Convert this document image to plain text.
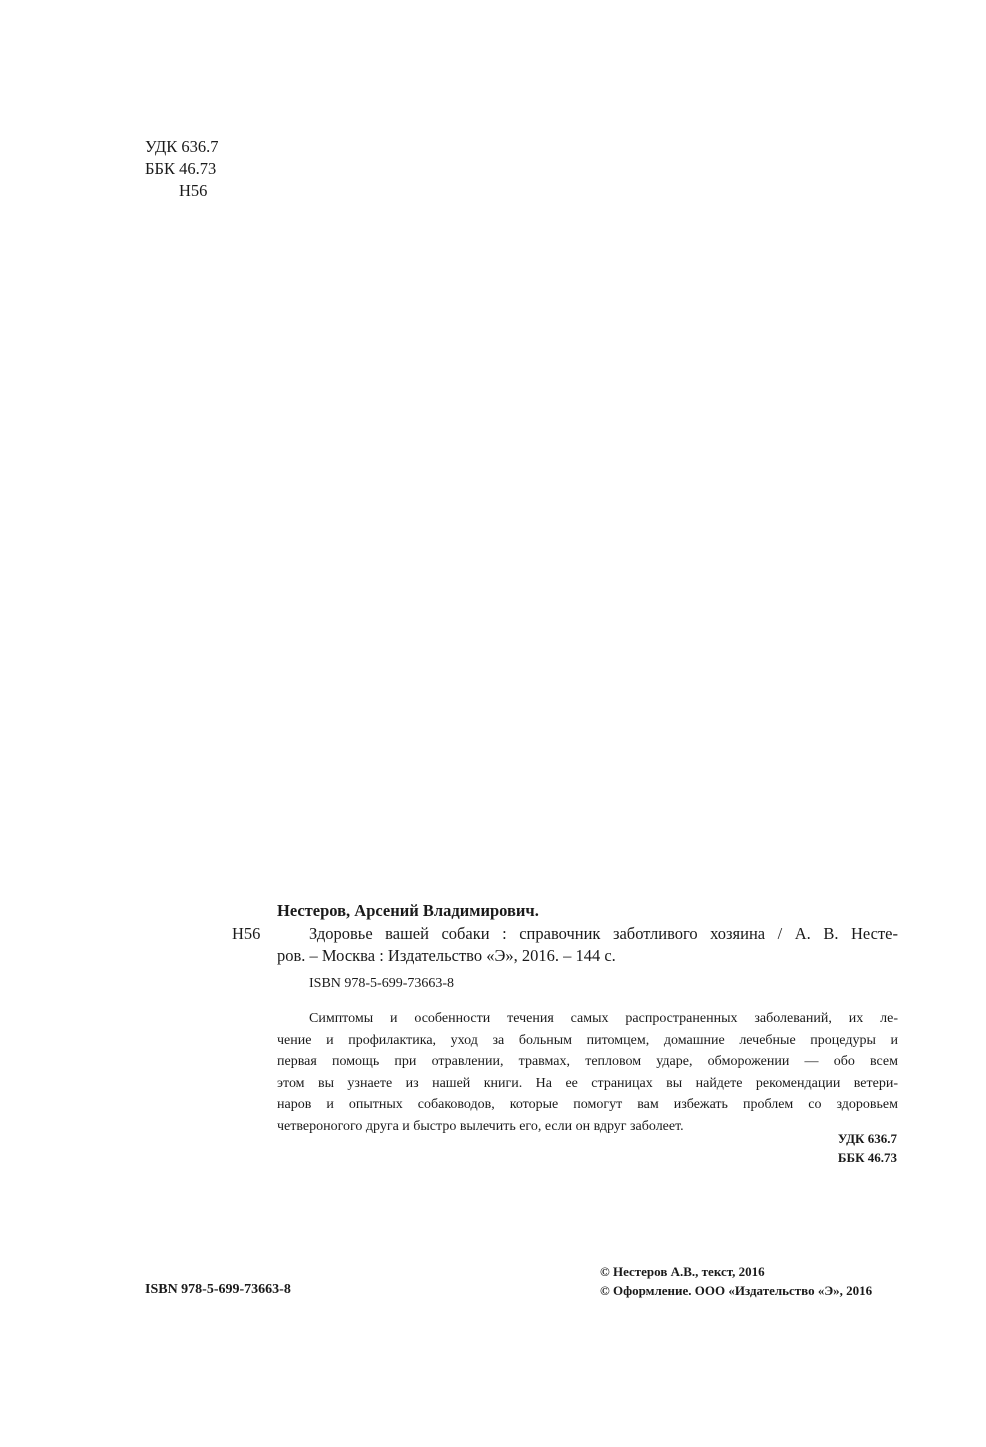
УДК 636.7
ББК 46.73
Н56
Нестеров, Арсений Владимирович.
Н56	Здоровье вашей собаки : справочник заботливого хозяина / А. В. Несте-
ров. – Москва : Издательство «Э», 2016. – 144 с.
ISBN 978-5-699-73663-8
Симптомы и особенности течения самых распространенных заболеваний, их ле-
чение и профилактика, уход за больным питомцем, домашние лечебные процедуры и
первая помощь при отравлении, травмах, тепловом ударе, обморожении — обо всем
этом вы узнаете из нашей книги. На ее страницах вы найдете рекомендации ветери-
наров и опытных собаководов, которые помогут вам избежать проблем со здоровьем
четвероногого друга и быстро вылечить его, если он вдруг заболеет.
УДК 636.7
ББК 46.73
ISBN 978-5-699-73663-8
© Нестеров А.В., текст, 2016
© Оформление. ООО «Издательство «Э», 2016
